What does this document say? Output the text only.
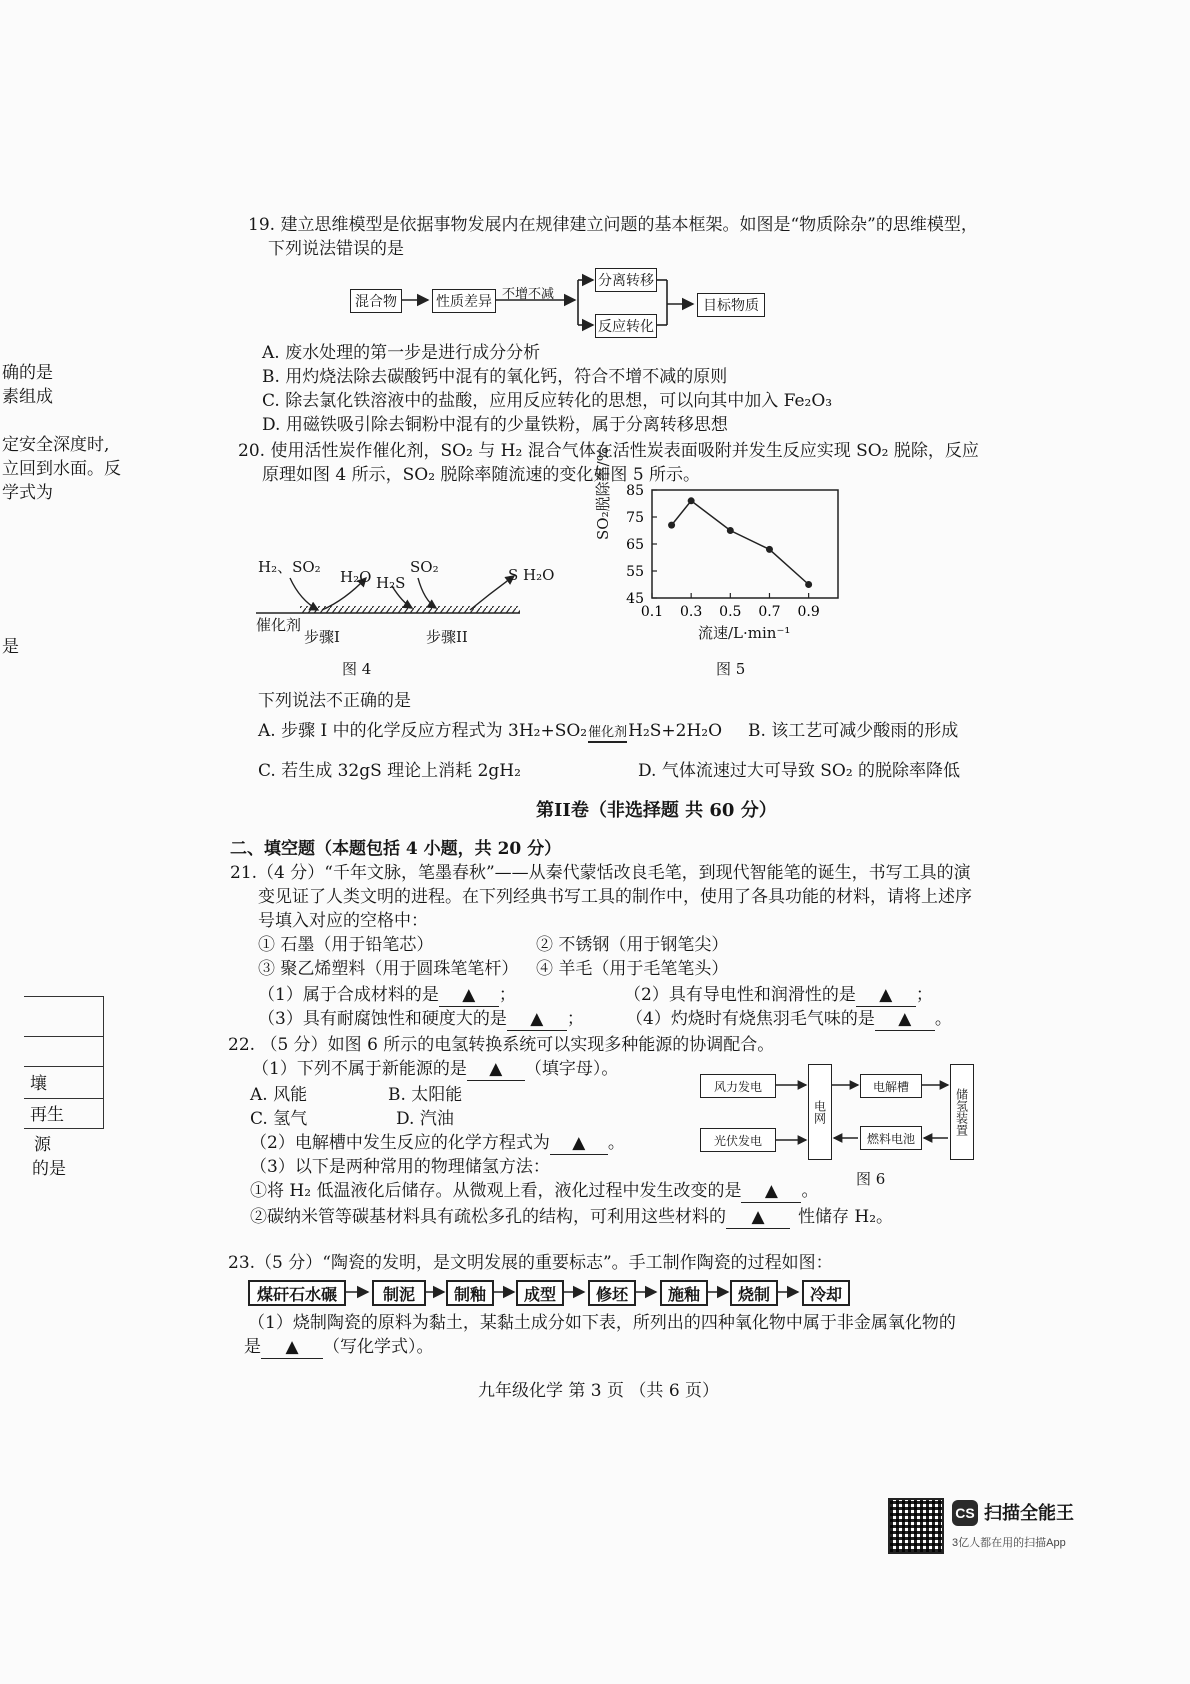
确的是
素组成
定安全深度时,
立回到水面。反
学式为
是
壤
再生
源
的是
19. 建立思维模型是依据事物发展内在规律建立问题的基本框架。如图是“物质除杂”的思维模型，
下列说法错误的是
混合物	性质差异 不增不减
分离转移
反应转化
目标物质
A. 废水处理的第一步是进行成分分析
B. 用灼烧法除去碳酸钙中混有的氧化钙，符合不增不减的原则
C. 除去氯化铁溶液中的盐酸，应用反应转化的思想，可以向其中加入 Fe₂O₃
D. 用磁铁吸引除去铜粉中混有的少量铁粉，属于分离转移思想
20. 使用活性炭作催化剂，SO₂ 与 H₂ 混合气体在活性炭表面吸附并发生反应实现 SO₂ 脱除，反应
原理如图 4 所示，SO₂ 脱除率随流速的变化如图 5 所示。
H₂、SO₂
H₂O H₂S
SO₂	S H₂O
催化剂
步骤I	步骤II
图 4
45
55
65
75
85
0.1 0.3 0.5 0.7 0.9
SO₂脱除率/%
流速/L·min⁻¹
图 5
下列说法不正确的是
A. 步骤 Ⅰ 中的化学反应方程式为 3H₂+SO₂催化剂H₂S+2H₂O B. 该工艺可减少酸雨的形成
C. 若生成 32gS 理论上消耗 2gH₂	D. 气体流速过大可导致 SO₂ 的脱除率降低
第II卷（非选择题 共 60 分）
二、填空题（本题包括 4 小题，共 20 分）
21.（4 分）“千年文脉，笔墨春秋”——从秦代蒙恬改良毛笔，到现代智能笔的诞生，书写工具的演
变见证了人类文明的进程。在下列经典书写工具的制作中，使用了各具功能的材料，请将上述序
号填入对应的空格中：
① 石墨（用于铅笔芯）	② 不锈钢（用于钢笔尖）
③ 聚乙烯塑料（用于圆珠笔笔杆） ④ 羊毛（用于毛笔笔头）
（1）属于合成材料的是 ▲ ；	（2）具有导电性和润滑性的是 ▲ ；
（3）具有耐腐蚀性和硬度大的是 ▲ ； （4）灼烧时有烧焦羽毛气味的是 ▲ 。
22. （5 分）如图 6 所示的电氢转换系统可以实现多种能源的协调配合。
（1）下列不属于新能源的是 ▲ （填字母）。
A. 风能	B. 太阳能
C. 氢气	D. 汽油
（2）电解槽中发生反应的化学方程式为 ▲ 。
（3）以下是两种常用的物理储氢方法：
①将 H₂ 低温液化后储存。从微观上看，液化过程中发生改变的是 ▲ 。
②碳纳米管等碳基材料具有疏松多孔的结构，可利用这些材料的 ▲ 性储存 H₂。
风力发电
光伏发电
电网
电解槽
燃料电池
储氢装置
图 6
23.（5 分）“陶瓷的发明，是文明发展的重要标志”。手工制作陶瓷的过程如图：
煤矸石水碾	制泥	制釉	成型	修坯	施釉	烧制	冷却
（1）烧制陶瓷的原料为黏土，某黏土成分如下表，所列出的四种氧化物中属于非金属氧化物的
是 ▲ （写化学式）。
九年级化学 第 3 页 （共 6 页）
CS 扫描全能王
3亿人都在用的扫描App
